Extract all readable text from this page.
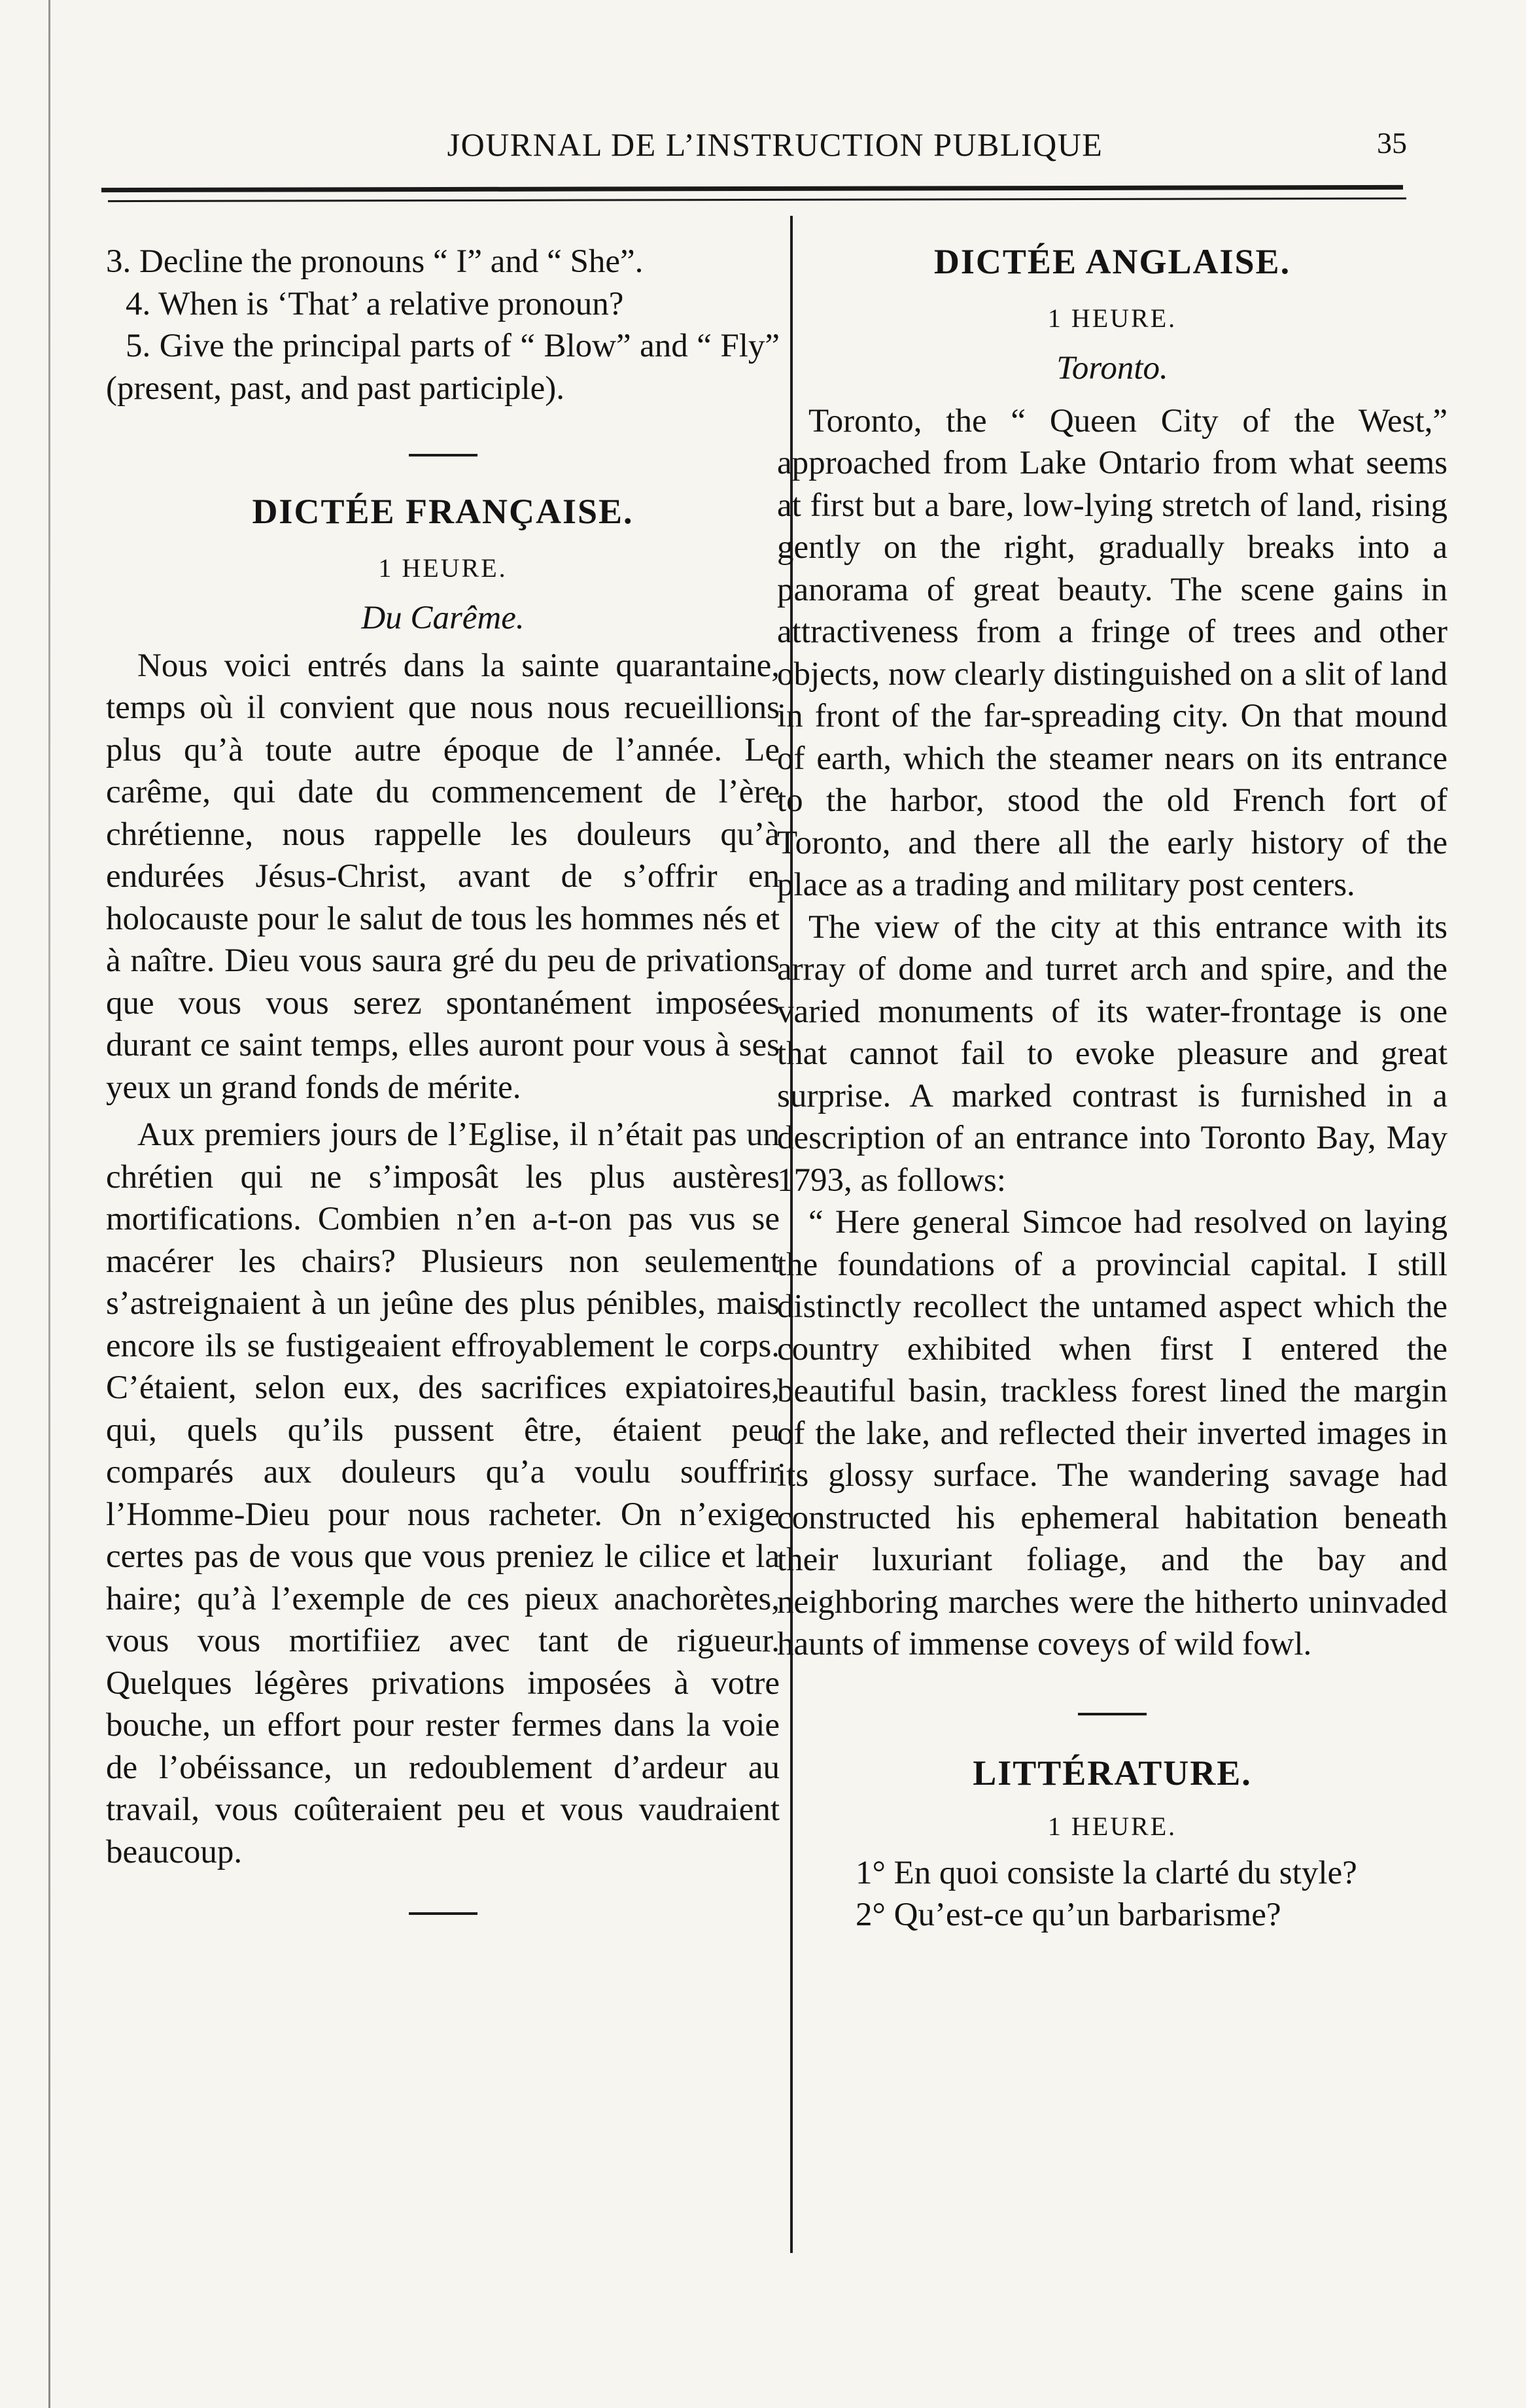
JOURNAL DE L’INSTRUCTION PUBLIQUE	35

3. Decline the pronouns “ I” and “ She”.

4. When is ‘That’ a relative pronoun?

5. Give the principal parts of “ Blow” and “ Fly” (present, past, and past participle).

DICTÉE FRANÇAISE.

1 HEURE.

Du Carême.

Nous voici entrés dans la sainte quarantaine, temps où il convient que nous nous recueillions plus qu’à toute autre époque de l’année. Le carême, qui date du commencement de l’ère chrétienne, nous rappelle les douleurs qu’à endurées Jésus-Christ, avant de s’offrir en holocauste pour le salut de tous les hommes nés et à naître. Dieu vous saura gré du peu de privations que vous vous serez spontanément imposées durant ce saint temps, elles auront pour vous à ses yeux un grand fonds de mérite.

Aux premiers jours de l’Eglise, il n’était pas un chrétien qui ne s’imposât les plus austères mortifications. Combien n’en a-t-on pas vus se macérer les chairs? Plusieurs non seulement s’astreignaient à un jeûne des plus pénibles, mais encore ils se fustigeaient effroyablement le corps. C’étaient, selon eux, des sacrifices expiatoires, qui, quels qu’ils pussent être, étaient peu comparés aux douleurs qu’a voulu souffrir l’Homme-Dieu pour nous racheter. On n’exige certes pas de vous que vous preniez le cilice et la haire; qu’à l’exemple de ces pieux anachorètes, vous vous mortifiiez avec tant de rigueur. Quelques légères privations imposées à votre bouche, un effort pour rester fermes dans la voie de l’obéissance, un redoublement d’ardeur au travail, vous coûteraient peu et vous vaudraient beaucoup.

DICTÉE ANGLAISE.

1 HEURE.

Toronto.

Toronto, the “ Queen City of the West,” approached from Lake Ontario from what seems at first but a bare, low-lying stretch of land, rising gently on the right, gradually breaks into a panorama of great beauty. The scene gains in attractiveness from a fringe of trees and other objects, now clearly distinguished on a slit of land in front of the far-spreading city. On that mound of earth, which the steamer nears on its entrance to the harbor, stood the old French fort of Toronto, and there all the early history of the place as a trading and military post centers.

The view of the city at this entrance with its array of dome and turret arch and spire, and the varied monuments of its water-frontage is one that cannot fail to evoke pleasure and great surprise. A marked contrast is furnished in a description of an entrance into Toronto Bay, May 1793, as follows:

“ Here general Simcoe had resolved on laying the foundations of a provincial capital. I still distinctly recollect the untamed aspect which the country exhibited when first I entered the beautiful basin, trackless forest lined the margin of the lake, and reflected their inverted images in its glossy surface. The wandering savage had constructed his ephemeral habitation beneath their luxuriant foliage, and the bay and neighboring marches were the hitherto uninvaded haunts of immense coveys of wild fowl.

LITTÉRATURE.

1 HEURE.

1° En quoi consiste la clarté du style?

2° Qu’est-ce qu’un barbarisme?
